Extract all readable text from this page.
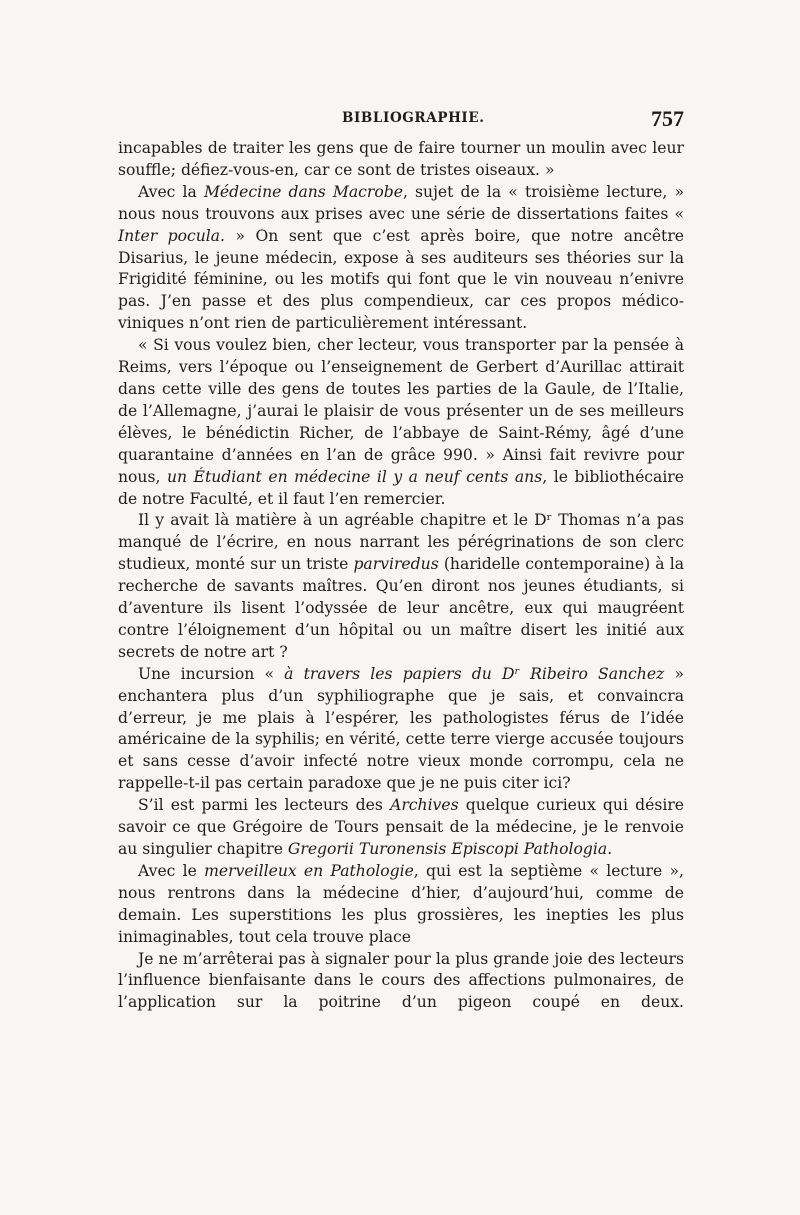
BIBLIOGRAPHIE.	757

incapables de traiter les gens que de faire tourner un moulin avec leur souffle; défiez-vous-en, car ce sont de tristes oiseaux. »

Avec la Médecine dans Macrobe, sujet de la « troisième lecture, » nous nous trouvons aux prises avec une série de dissertations faites « Inter pocula. » On sent que c’est après boire, que notre ancêtre Disarius, le jeune médecin, expose à ses auditeurs ses théories sur la Frigidité féminine, ou les motifs qui font que le vin nouveau n’enivre pas. J’en passe et des plus compendieux, car ces propos médico-viniques n’ont rien de particulièrement intéressant.

« Si vous voulez bien, cher lecteur, vous transporter par la pensée à Reims, vers l’époque ou l’enseignement de Gerbert d’Aurillac attirait dans cette ville des gens de toutes les parties de la Gaule, de l’Italie, de l’Allemagne, j’aurai le plaisir de vous présenter un de ses meilleurs élèves, le bénédictin Richer, de l’abbaye de Saint-Rémy, âgé d’une quarantaine d’années en l’an de grâce 990. » Ainsi fait revivre pour nous, un Étudiant en médecine il y a neuf cents ans, le bibliothécaire de notre Faculté, et il faut l’en remercier.

Il y avait là matière à un agréable chapitre et le Dʳ Thomas n’a pas manqué de l’écrire, en nous narrant les pérégrinations de son clerc studieux, monté sur un triste parviredus (haridelle contemporaine) à la recherche de savants maîtres. Qu’en diront nos jeunes étudiants, si d’aventure ils lisent l’odyssée de leur ancêtre, eux qui maugréent contre l’éloignement d’un hôpital ou un maître disert les initié aux secrets de notre art ?

Une incursion « à travers les papiers du Dʳ Ribeiro Sanchez » enchantera plus d’un syphiliographe que je sais, et convaincra d’erreur, je me plais à l’espérer, les pathologistes férus de l’idée américaine de la syphilis; en vérité, cette terre vierge accusée toujours et sans cesse d’avoir infecté notre vieux monde corrompu, cela ne rappelle-t-il pas certain paradoxe que je ne puis citer ici?

S’il est parmi les lecteurs des Archives quelque curieux qui désire savoir ce que Grégoire de Tours pensait de la médecine, je le renvoie au singulier chapitre Gregorii Turonensis Episcopi Pathologia.

Avec le merveilleux en Pathologie, qui est la septième « lecture », nous rentrons dans la médecine d’hier, d’aujourd’hui, comme de demain. Les superstitions les plus grossières, les inepties les plus inimaginables, tout cela trouve place

Je ne m’arrêterai pas à signaler pour la plus grande joie des lecteurs l’influence bienfaisante dans le cours des affections pulmonaires, de l’application sur la poitrine d’un pigeon coupé en deux.
